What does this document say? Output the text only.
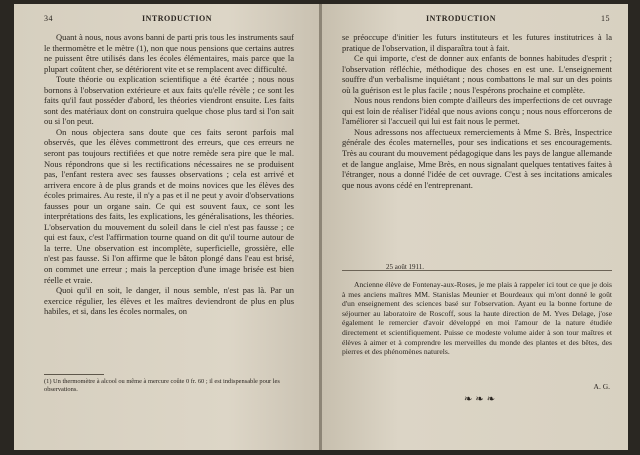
34	INTRODUCTION

Quant à nous, nous avons banni de parti pris tous les instruments sauf le thermomètre et le mètre (1), non que nous pensions que certains autres ne puissent être utilisés dans les écoles élémentaires, mais parce que la plupart coûtent cher, se détériorent vite et se remplacent avec difficulté.

Toute théorie ou explication scientifique a été écartée ; nous nous bornons à l'observation extérieure et aux faits qu'elle révèle ; ce sont les faits qu'il faut posséder d'abord, les théories viendront ensuite. Les faits sont des matériaux dont on construira quelque chose plus tard si l'on sait ou si l'on peut.

On nous objectera sans doute que ces faits seront parfois mal observés, que les élèves commettront des erreurs, que ces erreurs ne seront pas toujours rectifiées et que notre remède sera pire que le mal. Nous répondrons que si les rectifications nécessaires ne se produisent pas, l'enfant restera avec ses fausses observations ; cela est arrivé et arrivera encore à de plus grands et de moins novices que les élèves des écoles primaires. Au reste, il n'y a pas et il ne peut y avoir d'observations fausses pour un organe sain. Ce qui est souvent faux, ce sont les interprétations des faits, les explications, les généralisations, les théories. L'observation du mouvement du soleil dans le ciel n'est pas fausse ; ce qui est faux, c'est l'affirmation tourne quand on dit qu'il tourne autour de la terre. Une observation est incomplète, superficielle, grossière, elle n'est pas fausse. Si l'on affirme que le bâton plongé dans l'eau est brisé, on commet une erreur ; mais la perception d'une image brisée est bien réelle et vraie.

Quoi qu'il en soit, le danger, il nous semble, n'est pas là. Par un exercice régulier, les élèves et les maîtres deviendront de plus en plus habiles, et si, dans les écoles normales, on

(1) Un thermomètre à alcool ou même à mercure coûte 0 fr. 60 ; il est indispensable pour les observations.
INTRODUCTION	15

se préoccupe d'initier les futurs instituteurs et les futures institutrices à la pratique de l'observation, il disparaîtra tout à fait.

Ce qui importe, c'est de donner aux enfants de bonnes habitudes d'esprit ; l'observation réfléchie, méthodique des choses en est une. L'enseignement souffre d'un verbalisme inquiétant ; nous combattons le mal sur un des points où la guérison est le plus facile ; nous l'espérons prochaine et complète.

Nous nous rendons bien compte d'ailleurs des imperfections de cet ouvrage qui est loin de réaliser l'idéal que nous avions conçu ; nous nous efforcerons de l'améliorer si l'accueil qui lui est fait nous le permet.

Nous adressons nos affectueux remerciements à Mme S. Brès, Inspectrice générale des écoles maternelles, pour ses indications et ses encouragements. Très au courant du mouvement pédagogique dans les pays de langue allemande et de langue anglaise, Mme Brès, en nous signalant quelques tentatives faites à l'étranger, nous a donné l'idée de cet ouvrage. C'est à ses incitations amicales que nous avons cédé en l'entreprenant.

25 août 1911.

Ancienne élève de Fontenay-aux-Roses, je me plais à rappeler ici tout ce que je dois à mes anciens maîtres MM. Stanislas Meunier et Bourdeaux qui m'ont donné le goût d'un enseignement des sciences basé sur l'observation. Ayant eu la bonne fortune de séjourner au laboratoire de Roscoff, sous la haute direction de M. Yves Delage, j'ose également le remercier d'avoir développé en moi l'amour de la nature étudiée directement et scientifiquement. Puisse ce modeste volume aider à son tour maîtres et élèves à aimer et à comprendre les merveilles du monde des plantes et des bêtes, des pierres et des phénomènes naturels.

A. G.
❧❧❧
